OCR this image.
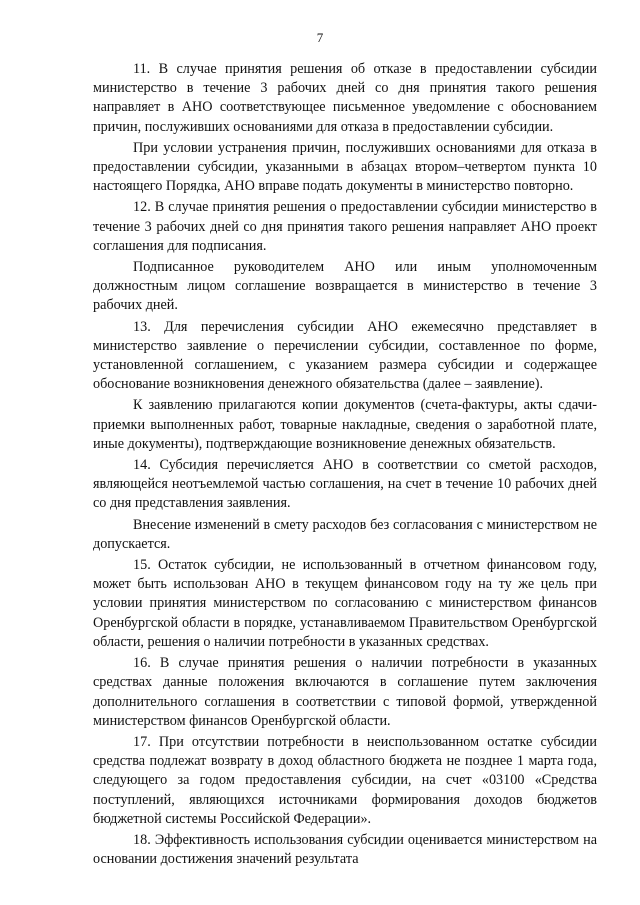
7

11. В случае принятия решения об отказе в предоставлении субсидии министерство в течение 3 рабочих дней со дня принятия такого решения направляет в АНО соответствующее письменное уведомление с обоснованием причин, послуживших основаниями для отказа в предоставлении субсидии.

При условии устранения причин, послуживших основаниями для отказа в предоставлении субсидии, указанными в абзацах втором–четвертом пункта 10 настоящего Порядка, АНО вправе подать документы в министерство повторно.

12. В случае принятия решения о предоставлении субсидии министерство в течение 3 рабочих дней со дня принятия такого решения направляет АНО проект соглашения для подписания.

Подписанное руководителем АНО или иным уполномоченным должностным лицом соглашение возвращается в министерство в течение 3 рабочих дней.

13. Для перечисления субсидии АНО ежемесячно представляет в министерство заявление о перечислении субсидии, составленное по форме, установленной соглашением, с указанием размера субсидии и содержащее обоснование возникновения денежного обязательства (далее – заявление).

К заявлению прилагаются копии документов (счета-фактуры, акты сдачи-приемки выполненных работ, товарные накладные, сведения о заработной плате, иные документы), подтверждающие возникновение денежных обязательств.

14. Субсидия перечисляется АНО в соответствии со сметой расходов, являющейся неотъемлемой частью соглашения, на счет в течение 10 рабочих дней со дня представления заявления.

Внесение изменений в смету расходов без согласования с министерством не допускается.

15. Остаток субсидии, не использованный в отчетном финансовом году, может быть использован АНО в текущем финансовом году на ту же цель при условии принятия министерством по согласованию с министерством финансов Оренбургской области в порядке, устанавливаемом Правительством Оренбургской области, решения о наличии потребности в указанных средствах.

16. В случае принятия решения о наличии потребности в указанных средствах данные положения включаются в соглашение путем заключения дополнительного соглашения в соответствии с типовой формой, утвержденной министерством финансов Оренбургской области.

17. При отсутствии потребности в неиспользованном остатке субсидии средства подлежат возврату в доход областного бюджета не позднее 1 марта года, следующего за годом предоставления субсидии, на счет «03100 «Средства поступлений, являющихся источниками формирования доходов бюджетов бюджетной системы Российской Федерации».

18. Эффективность использования субсидии оценивается министерством на основании достижения значений результата
